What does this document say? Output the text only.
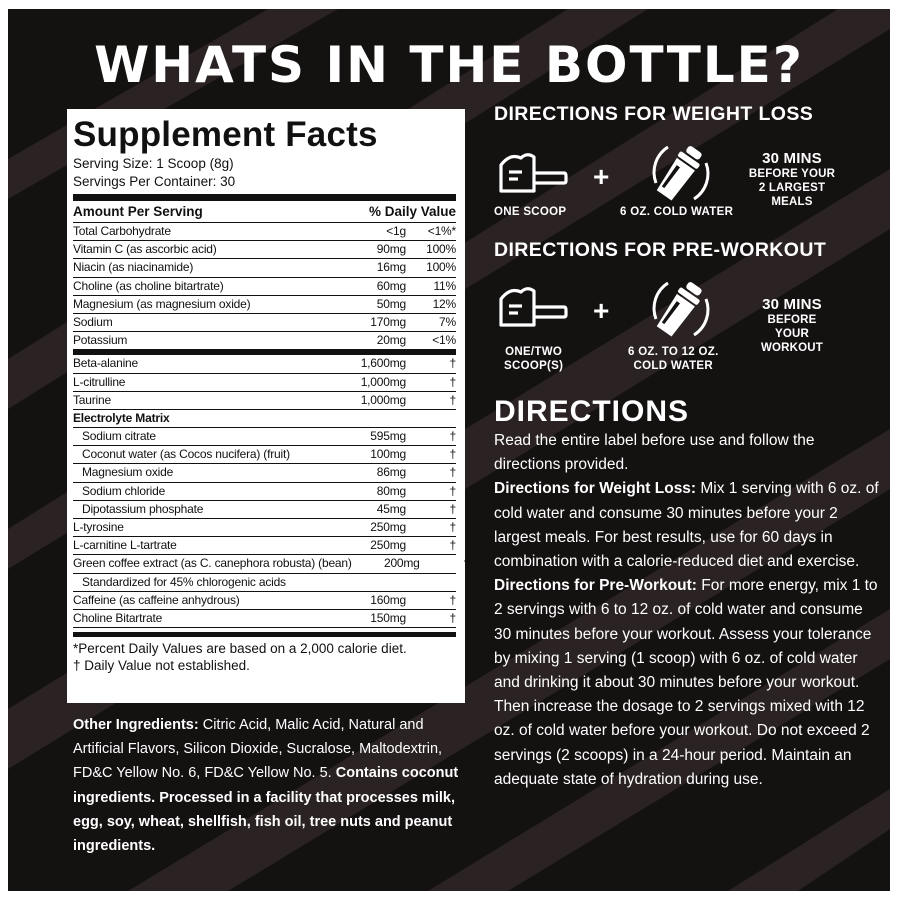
WHATS IN THE BOTTLE?
Supplement Facts
Serving Size: 1 Scoop (8g)
Servings Per Container: 30
Amount Per Serving	% Daily Value
Total Carbohydrate	<1g	<1%*
Vitamin C (as ascorbic acid)	90mg	100%
Niacin (as niacinamide)	16mg	100%
Choline (as choline bitartrate)	60mg	11%
Magnesium (as magnesium oxide)	50mg	12%
Sodium	170mg	7%
Potassium	20mg	<1%
Beta-alanine	1,600mg	†
L-citrulline	1,000mg	†
Taurine	1,000mg	†
Electrolyte Matrix
Sodium citrate	595mg	†
Coconut water (as Cocos nucifera) (fruit)	100mg	†
Magnesium oxide	86mg	†
Sodium chloride	80mg	†
Dipotassium phosphate	45mg	†
L-tyrosine	250mg	†
L-carnitine L-tartrate	250mg	†
Green coffee extract (as C. canephora robusta) (bean)	200mg	†
Standardized for 45% chlorogenic acids
Caffeine (as caffeine anhydrous)	160mg	†
Choline Bitartrate	150mg	†
*Percent Daily Values are based on a 2,000 calorie diet.
† Daily Value not established.
Other Ingredients: Citric Acid, Malic Acid, Natural and Artificial Flavors, Silicon Dioxide, Sucralose, Maltodextrin, FD&C Yellow No. 6, FD&C Yellow No. 5. Contains coconut ingredients. Processed in a facility that processes milk, egg, soy, wheat, shellfish, fish oil, tree nuts and peanut ingredients.
DIRECTIONS FOR WEIGHT LOSS
ONE SCOOP
+
6 OZ. COLD WATER
30 MINS
BEFORE YOUR 2 LARGEST MEALS
DIRECTIONS FOR PRE-WORKOUT
ONE/TWO
SCOOP(S)
+
6 OZ. TO 12 OZ.
COLD WATER
30 MINS
BEFORE YOUR WORKOUT
DIRECTIONS
Read the entire label before use and follow the directions provided.
Directions for Weight Loss: Mix 1 serving with 6 oz. of cold water and consume 30 minutes before your 2 largest meals. For best results, use for 60 days in combination with a calorie-reduced diet and exercise.
Directions for Pre-Workout: For more energy, mix 1 to 2 servings with 6 to 12 oz. of cold water and consume 30 minutes before your workout. Assess your tolerance by mixing 1 serving (1 scoop) with 6 oz. of cold water and drinking it about 30 minutes before your workout. Then increase the dosage to 2 servings mixed with 12 oz. of cold water before your workout. Do not exceed 2 servings (2 scoops) in a 24-hour period. Maintain an adequate state of hydration during use.
